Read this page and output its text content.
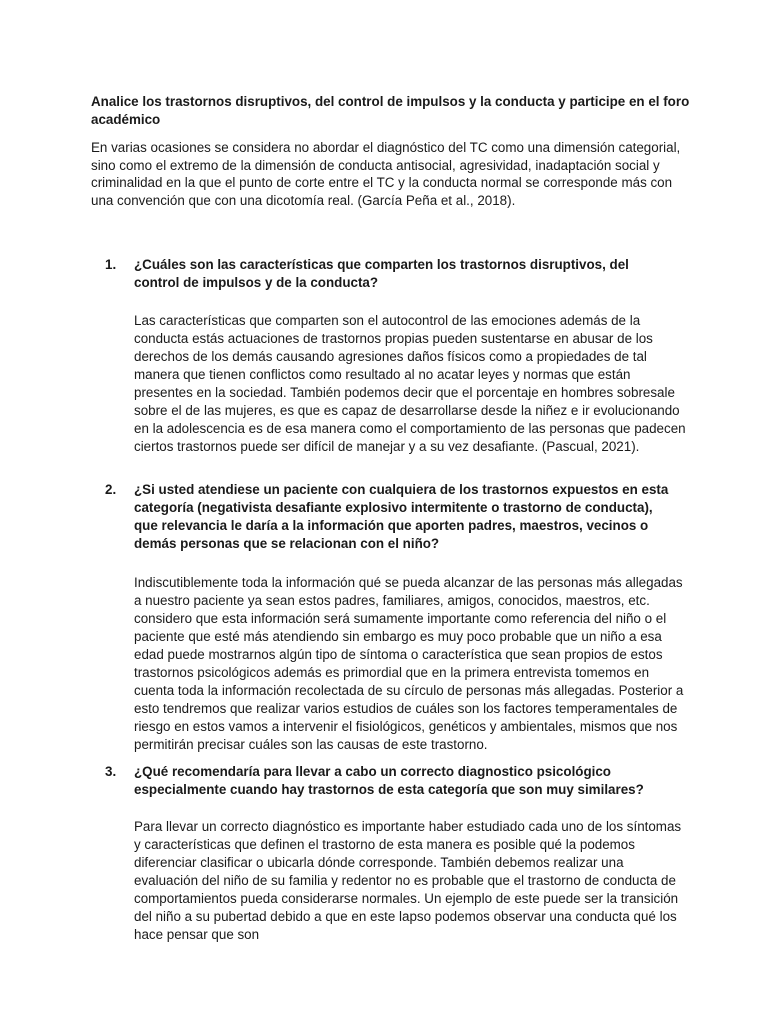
Analice los trastornos disruptivos, del control de impulsos y la conducta y participe en el foro académico

En varias ocasiones se considera no abordar el diagnóstico del TC como una dimensión categorial, sino como el extremo de la dimensión de conducta antisocial, agresividad, inadaptación social y criminalidad en la que el punto de corte entre el TC y la conducta normal se corresponde más con una convención que con una dicotomía real. (García Peña et al., 2018).

1. ¿Cuáles son las características que comparten los trastornos disruptivos, del control de impulsos y de la conducta?

Las características que comparten son el autocontrol de las emociones además de la conducta estás actuaciones de trastornos propias pueden sustentarse en abusar de los derechos de los demás causando agresiones daños físicos como a propiedades de tal manera que tienen conflictos como resultado al no acatar leyes y normas que están presentes en la sociedad. También podemos decir que el porcentaje en hombres sobresale sobre el de las mujeres, es que es capaz de desarrollarse desde la niñez e ir evolucionando en la adolescencia es de esa manera como el comportamiento de las personas que padecen ciertos trastornos puede ser difícil de manejar y a su vez desafiante. (Pascual, 2021).

2. ¿Si usted atendiese un paciente con cualquiera de los trastornos expuestos en esta categoría (negativista desafiante explosivo intermitente o trastorno de conducta), que relevancia le daría a la información que aporten padres, maestros, vecinos o demás personas que se relacionan con el niño?

Indiscutiblemente toda la información qué se pueda alcanzar de las personas más allegadas a nuestro paciente ya sean estos padres, familiares, amigos, conocidos, maestros, etc. considero que esta información será sumamente importante como referencia del niño o el paciente que esté más atendiendo sin embargo es muy poco probable que un niño a esa edad puede mostrarnos algún tipo de síntoma o característica que sean propios de estos trastornos psicológicos además es primordial que en la primera entrevista tomemos en cuenta toda la información recolectada de su círculo de personas más allegadas. Posterior a esto tendremos que realizar varios estudios de cuáles son los factores temperamentales de riesgo en estos vamos a intervenir el fisiológicos, genéticos y ambientales, mismos que nos permitirán precisar cuáles son las causas de este trastorno.

3. ¿Qué recomendaría para llevar a cabo un correcto diagnostico psicológico especialmente cuando hay trastornos de esta categoría que son muy similares?

Para llevar un correcto diagnóstico es importante haber estudiado cada uno de los síntomas y características que definen el trastorno de esta manera es posible qué la podemos diferenciar clasificar o ubicarla dónde corresponde. También debemos realizar una evaluación del niño de su familia y redentor no es probable que el trastorno de conducta de comportamientos pueda considerarse normales. Un ejemplo de este puede ser la transición del niño a su pubertad debido a que en este lapso podemos observar una conducta qué los hace pensar que son
